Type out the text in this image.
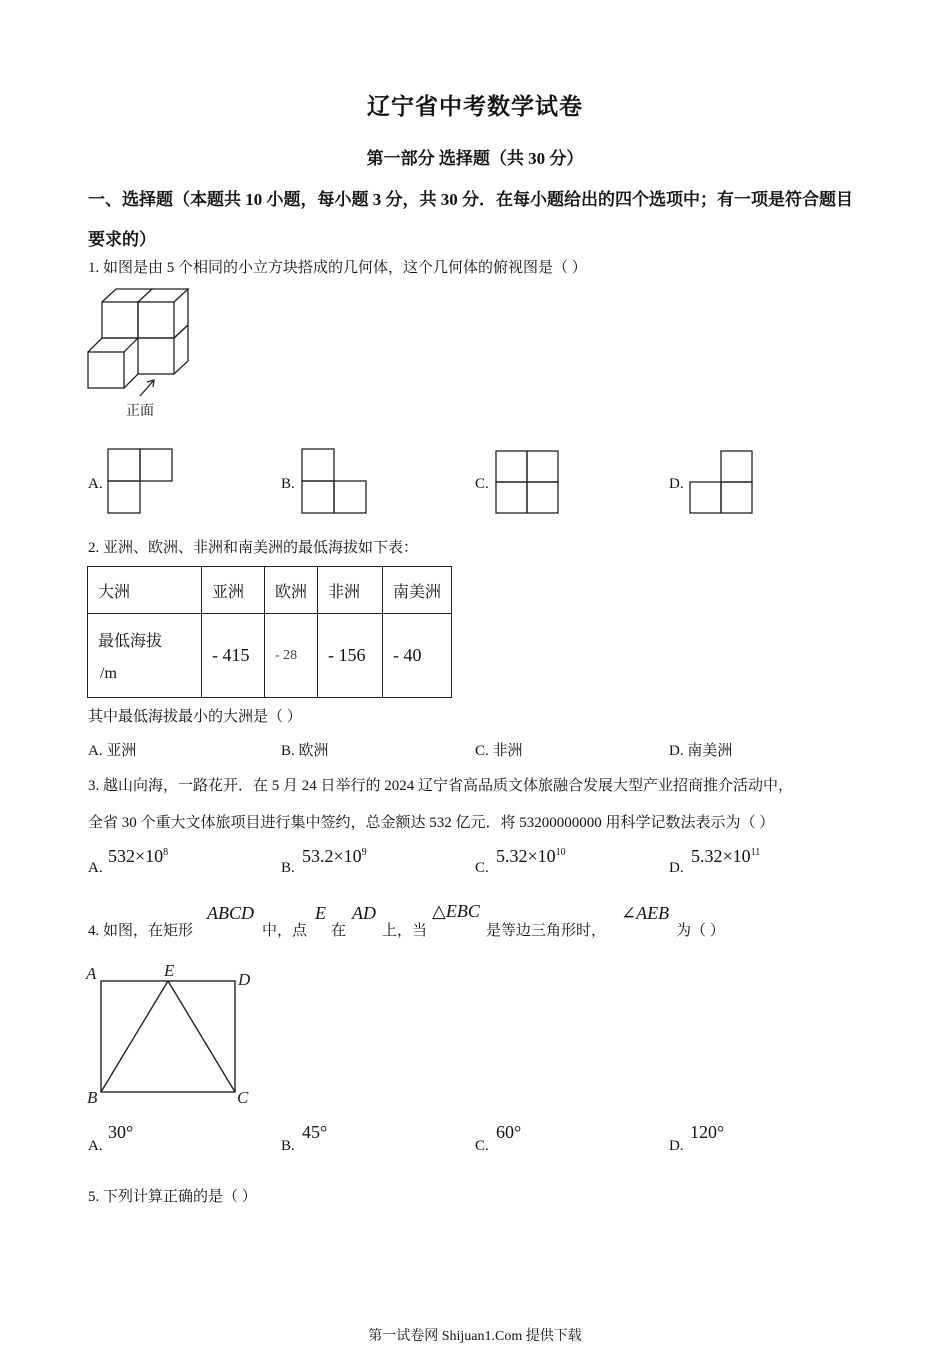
辽宁省中考数学试卷
第一部分 选择题（共 30 分）
一、选择题（本题共 10 小题，每小题 3 分，共 30 分．在每小题给出的四个选项中；有一项是符合题目要求的）
1. 如图是由 5 个相同的小立方块搭成的几何体，这个几何体的俯视图是（ ）
正面
A.	B.	C.	D.
2. 亚洲、欧洲、非洲和南美洲的最低海拔如下表：
大洲	亚洲	欧洲	非洲	南美洲

最低海拔
/m	- 415	- 28	- 156	- 40
其中最低海拔最小的大洲是（ ）
A. 亚洲	B. 欧洲	C. 非洲	D. 南美洲
3. 越山向海，一路花开．在 5 月 24 日举行的 2024 辽宁省高品质文体旅融合发展大型产业招商推介活动中，
全省 30 个重大文体旅项目进行集中签约，总金额达 532 亿元．将 53200000000 用科学记数法表示为（ ）
A.
$532\times 10^8$
B.
$53.2\times 10^9$
C.
$5.32\times 10^{10}$
D.
$5.32\times 10^{11}$
4. 如图，在矩形
ABCD
中，点
E
在
AD
上，当
△EBC
是等边三角形时，
∠AEB
为（ ）
A	E	D
B	C
A.
30°
B.
45°
C.
60°
D.
120°
5. 下列计算正确的是（ ）
第一试卷网 Shijuan1.Com 提供下载
